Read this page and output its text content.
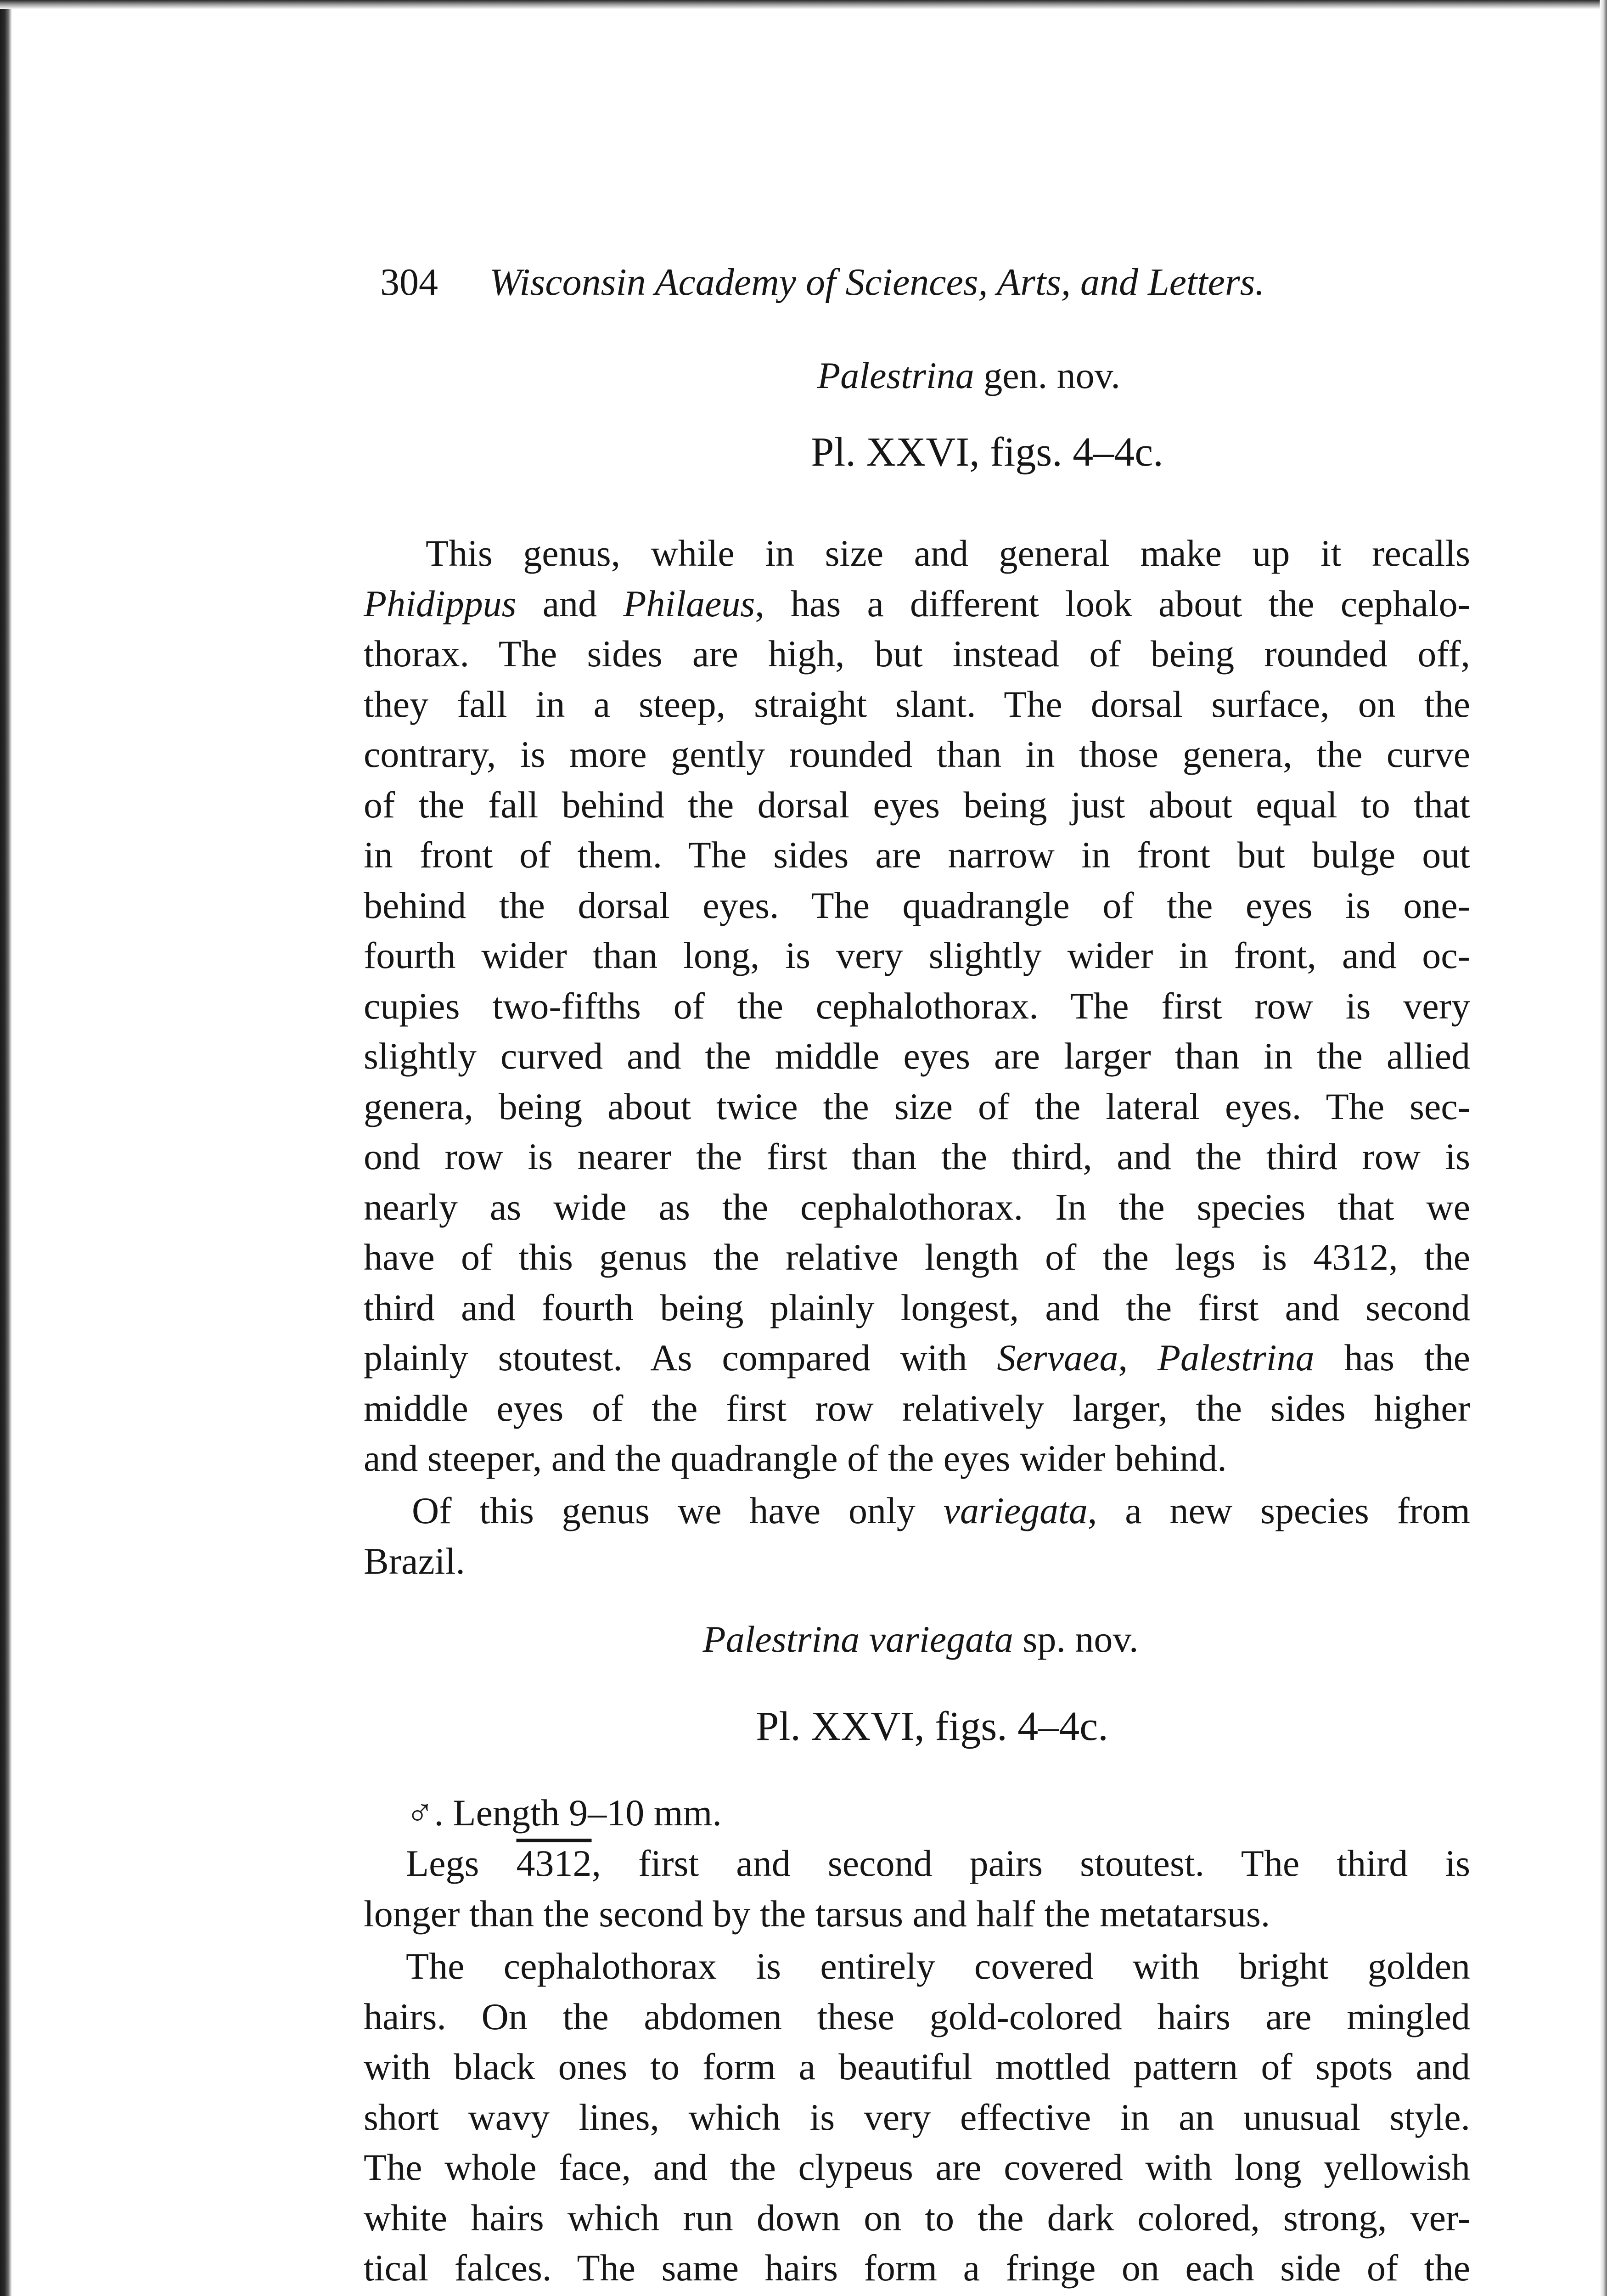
304 Wisconsin Academy of Sciences, Arts, and Letters.
Palestrina gen. nov.
Pl. XXVI, figs. 4–4c.
This genus, while in size and general make up it recalls
Phidippus and Philaeus, has a different look about the cephalo-
thorax. The sides are high, but instead of being rounded off,
they fall in a steep, straight slant. The dorsal surface, on the
contrary, is more gently rounded than in those genera, the curve
of the fall behind the dorsal eyes being just about equal to that
in front of them. The sides are narrow in front but bulge out
behind the dorsal eyes. The quadrangle of the eyes is one-
fourth wider than long, is very slightly wider in front, and oc-
cupies two-fifths of the cephalothorax. The first row is very
slightly curved and the middle eyes are larger than in the allied
genera, being about twice the size of the lateral eyes. The sec-
ond row is nearer the first than the third, and the third row is
nearly as wide as the cephalothorax. In the species that we
have of this genus the relative length of the legs is 4312, the
third and fourth being plainly longest, and the first and second
plainly stoutest. As compared with Servaea, Palestrina has the
middle eyes of the first row relatively larger, the sides higher
and steeper, and the quadrangle of the eyes wider behind.
Of this genus we have only variegata, a new species from
Brazil.
Palestrina variegata sp. nov.
Pl. XXVI, figs. 4–4c.
♂. Length 9–10 mm.
Legs 4312, first and second pairs stoutest. The third is
longer than the second by the tarsus and half the metatarsus.
The cephalothorax is entirely covered with bright golden
hairs. On the abdomen these gold-colored hairs are mingled
with black ones to form a beautiful mottled pattern of spots and
short wavy lines, which is very effective in an unusual style.
The whole face, and the clypeus are covered with long yellowish
white hairs which run down on to the dark colored, strong, ver-
tical falces. The same hairs form a fringe on each side of the
